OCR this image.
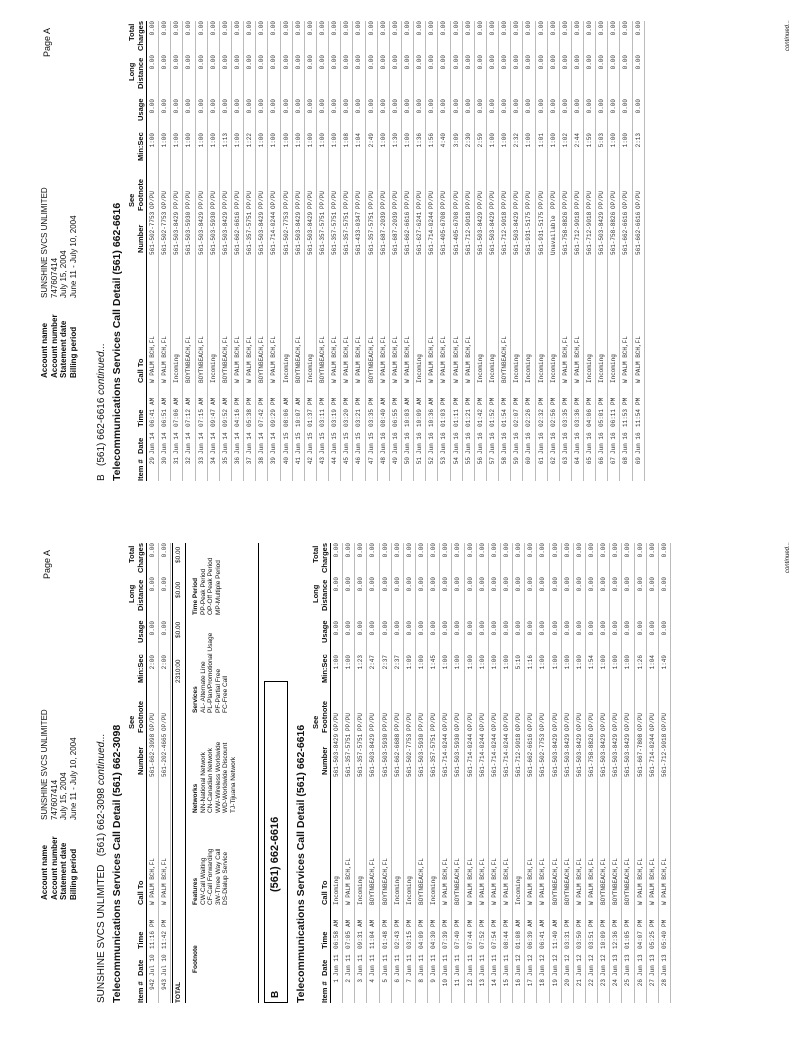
Page A
Account nameSUNSHINE SVCS UNLIMITED
Account number747607414
Statement dateJuly 15, 2004
Billing periodJune 11 - July 10, 2004
SUNSHINE SVCS UNLIMITED   (561) 662-3098 continued... Telecommunications Services Call Detail (561) 662-3098 Item #
Date
Time
Call To
Number
See Footnote
Min:Sec
Usage
Long Distance
Total Charges
942
Jul 10
11:16
PM
W PALM BCH,FL
561-662-3098
OP/PU
2:00
0.00
0.00
0.00
943
Jul 10
11:42
PM
W PALM BCH,FL
561-202-4665
OP/PU
2:00
0.00
0.00
0.00
TOTAL
2310:00
$0.00
$0.00
$0.00
Footnote
Features CW-Call Waiting CF-Call Forwarding 3W-Three Way Call DS-Dialup Service
Networks NN-National Network CN-Canadian Network WW-Wireless Worldwide WD-Worldwide Discount TJ-Tijuana Network
Services AL- Alternate Line PL-Plan/Promotional Usage PF-Partial Free FC-Free Call
Time Period PP-Peak Period OP-Off Peak Period MP-Multiple Period
B
(561) 662-6616 Telecommunications Services Call Detail (561) 662-6616 Item #
Date
Time
Call To
Number
See Footnote
Min:Sec
Usage
Long Distance
Total Charges
1
Jun 11
06:58
AM
Incoming
561-503-8429
OP/PU
1:00
0.00
0.00
0.00
2
Jun 11
07:05
AM
W PALM BCH,FL
561-357-5751
PP/PU
1:00
0.00
0.00
0.00
3
Jun 11
09:31
AM
Incoming
561-357-5751
PP/PU
1:23
0.00
0.00
0.00
4
Jun 11
11:04
AM
BOYTNBEACH,FL
561-503-8429
PP/PU
2:47
0.00
0.00
0.00
5
Jun 11
01:48
PM
BOYTNBEACH,FL
561-503-5930
PP/PU
2:37
0.00
0.00
0.00
6
Jun 11
02:43
PM
Incoming
561-662-6688
PP/PU
2:37
0.00
0.00
0.00
7
Jun 11
03:15
PM
Incoming
561-502-7753
PP/PU
1:09
0.00
0.00
0.00
8
Jun 11
04:09
PM
BOYTNBEACH,FL
561-503-5930
PP/PU
1:00
0.00
0.00
0.00
9
Jun 11
04:30
PM
Incoming
561-357-5751
PP/PU
1:45
0.00
0.00
0.00
10
Jun 11
07:39
PM
W PALM BCH,FL
561-714-0244
OP/PU
1:00
0.00
0.00
0.00
11
Jun 11
07:40
PM
BOYTNBEACH,FL
561-503-5930
OP/PU
1:00
0.00
0.00
0.00
12
Jun 11
07:44
PM
W PALM BCH,FL
561-714-0244
OP/PU
1:00
0.00
0.00
0.00
13
Jun 11
07:52
PM
W PALM BCH,FL
561-714-0244
OP/PU
1:00
0.00
0.00
0.00
14
Jun 11
07:54
PM
W PALM BCH,FL
561-714-0244
OP/PU
1:00
0.00
0.00
0.00
15
Jun 11
08:44
PM
W PALM BCH,FL
561-714-0244
OP/PU
1:00
0.00
0.00
0.00
16
Jun 12
01:08
AM
Incoming
561-712-9018
OP/PU
5:10
0.00
0.00
0.00
17
Jun 12
06:39
AM
W PALM BCH,FL
561-662-6616
OP/PU
1:16
0.00
0.00
0.00
18
Jun 12
06:41
AM
W PALM BCH,FL
561-502-7753
OP/PU
1:00
0.00
0.00
0.00
19
Jun 12
11:40
AM
BOYTNBEACH,FL
561-503-8429
OP/PU
1:00
0.00
0.00
0.00
20
Jun 12
03:31
PM
BOYTNBEACH,FL
561-503-8429
OP/PU
1:00
0.00
0.00
0.00
21
Jun 12
03:50
PM
W PALM BCH,FL
561-503-8429
OP/PU
1:00
0.00
0.00
0.00
22
Jun 12
03:51
PM
W PALM BCH,FL
561-758-8826
OP/PU
1:54
0.00
0.00
0.00
23
Jun 12
10:09
PM
BOYTNBEACH,FL
561-503-8429
OP/PU
1:00
0.00
0.00
0.00
24
Jun 13
12:36
PM
BOYTNBEACH,FL
561-503-8429
OP/PU
1:00
0.00
0.00
0.00
25
Jun 13
01:05
PM
BOYTNBEACH,FL
561-503-8429
OP/PU
1:00
0.00
0.00
0.00
26
Jun 13
04:07
PM
W PALM BCH,FL
561-667-7808
OP/PU
1:26
0.00
0.00
0.00
27
Jun 13
05:25
PM
W PALM BCH,FL
561-714-0244
OP/PU
1:04
0.00
0.00
0.00
28
Jun 13
05:40
PM
W PALM BCH,FL
561-712-9018
OP/PU
1:49
0.00
0.00
0.00	continued...
Page A
Account nameSUNSHINE SVCS UNLIMITED
Account number747607414
Statement dateJuly 15, 2004
Billing periodJune 11 - July 10, 2004
B   (561) 662-6616 continued... Telecommunications Services Call Detail (561) 662-6616 Item #
Date
Time
Call To
Number
See Footnote
Min:Sec
Usage
Long Distance
Total Charges
29
Jun 14
06:41
AM
W PALM BCH,FL
561-502-7753
OP/PU
1:00
0.00
0.00
0.00
30
Jun 14
06:51
AM
W PALM BCH,FL
561-502-7753
OP/PU
1:00
0.00
0.00
0.00
31
Jun 14
07:06
AM
Incoming
561-503-8429
PP/PU
1:00
0.00
0.00
0.00
32
Jun 14
07:12
AM
BOYTNBEACH,FL
561-503-5930
PP/PU
1:00
0.00
0.00
0.00
33
Jun 14
07:15
AM
BOYTNBEACH,FL
561-503-8429
PP/PU
1:00
0.00
0.00
0.00
34
Jun 14
09:47
AM
Incoming
561-503-5930
PP/PU
1:00
0.00
0.00
0.00
35
Jun 14
09:52
AM
BOYTNBEACH,FL
561-503-8429
PP/PU
1:13
0.00
0.00
0.00
36
Jun 14
04:16
PM
W PALM BCH,FL
561-662-6616
PP/PU
1:00
0.00
0.00
0.00
37
Jun 14
05:38
PM
W PALM BCH,FL
561-357-5751
PP/PU
1:22
0.00
0.00
0.00
38
Jun 14
07:42
PM
BOYTNBEACH,FL
561-503-8429
PP/PU
1:00
0.00
0.00
0.00
39
Jun 14
09:29
PM
W PALM BCH,FL
561-714-0244
OP/PU
1:00
0.00
0.00
0.00
40
Jun 15
08:06
AM
Incoming
561-502-7753
PP/PU
1:00
0.00
0.00
0.00
41
Jun 15
10:07
AM
BOYTNBEACH,FL
561-503-8429
PP/PU
1:00
0.00
0.00
0.00
42
Jun 15
01:37
PM
Incoming
561-503-8429
PP/PU
1:00
0.00
0.00
0.00
43
Jun 15
03:11
PM
BOYTNBEACH,FL
561-357-5751
PP/PU
1:00
0.00
0.00
0.00
44
Jun 15
03:19
PM
W PALM BCH,FL
561-357-5751
PP/PU
1:00
0.00
0.00
0.00
45
Jun 15
03:20
PM
W PALM BCH,FL
561-357-5751
PP/PU
1:08
0.00
0.00
0.00
46
Jun 15
03:21
PM
W PALM BCH,FL
561-433-0347
PP/PU
1:04
0.00
0.00
0.00
47
Jun 15
03:35
PM
BOYTNBEACH,FL
561-357-5751
PP/PU
2:49
0.00
0.00
0.00
48
Jun 16
08:40
AM
W PALM BCH,FL
561-687-2039
PP/PU
1:00
0.00
0.00
0.00
49
Jun 16
06:55
PM
W PALM BCH,FL
561-687-2039
PP/PU
1:30
0.00
0.00
0.00
50
Jun 16
10:03
AM
W PALM BCH,FL
561-662-6616
PP/PU
1:00
0.00
0.00
0.00
51
Jun 16
10:09
AM
Incoming
561-627-6241
PP/PU
1:36
0.00
0.00
0.00
52
Jun 16
10:36
AM
W PALM BCH,FL
561-714-0244
PP/PU
1:56
0.00
0.00
0.00
53
Jun 16
01:03
PM
W PALM BCH,FL
561-405-6708
PP/PU
4:40
0.00
0.00
0.00
54
Jun 16
01:11
PM
W PALM BCH,FL
561-405-6708
PP/PU
3:09
0.00
0.00
0.00
55
Jun 16
01:21
PM
W PALM BCH,FL
561-712-9018
PP/PU
2:30
0.00
0.00
0.00
56
Jun 16
01:42
PM
Incoming
561-503-8429
PP/PU
2:59
0.00
0.00
0.00
57
Jun 16
01:52
PM
Incoming
561-503-8429
PP/PU
1:00
0.00
0.00
0.00
58
Jun 16
01:54
PM
BOYTNBEACH,FL
561-712-9018
PP/PU
1:00
0.00
0.00
0.00
59
Jun 16
02:07
PM
Incoming
561-503-8429
PP/PU
2:32
0.00
0.00
0.00
60
Jun 16
02:26
PM
Incoming
561-931-5175
PP/PU
1:00
0.00
0.00
0.00
61
Jun 16
02:32
PM
Incoming
561-931-5175
PP/PU
1:01
0.00
0.00
0.00
62
Jun 16
02:56
PM
Incoming
Unavailable
PP/PU
1:00
0.00
0.00
0.00
63
Jun 16
03:35
PM
W PALM BCH,FL
561-758-8826
PP/PU
1:02
0.00
0.00
0.00
64
Jun 16
03:36
PM
W PALM BCH,FL
561-712-9018
PP/PU
2:44
0.00
0.00
0.00
65
Jun 16
04:06
PM
Incoming
561-712-9018
PP/PU
1:59
0.00
0.00
0.00
66
Jun 16
05:01
PM
Incoming
561-503-8429
PP/PU
5:03
0.00
0.00
0.00
67
Jun 16
06:11
PM
Incoming
561-758-8826
OP/PU
1:00
0.00
0.00
0.00
68
Jun 16
11:53
PM
W PALM BCH,FL
561-662-6616
OP/PU
1:00
0.00
0.00
0.00
69
Jun 16
11:54
PM
W PALM BCH,FL
561-662-6616
OP/PU
2:13
0.00
0.00
0.00	continued...
